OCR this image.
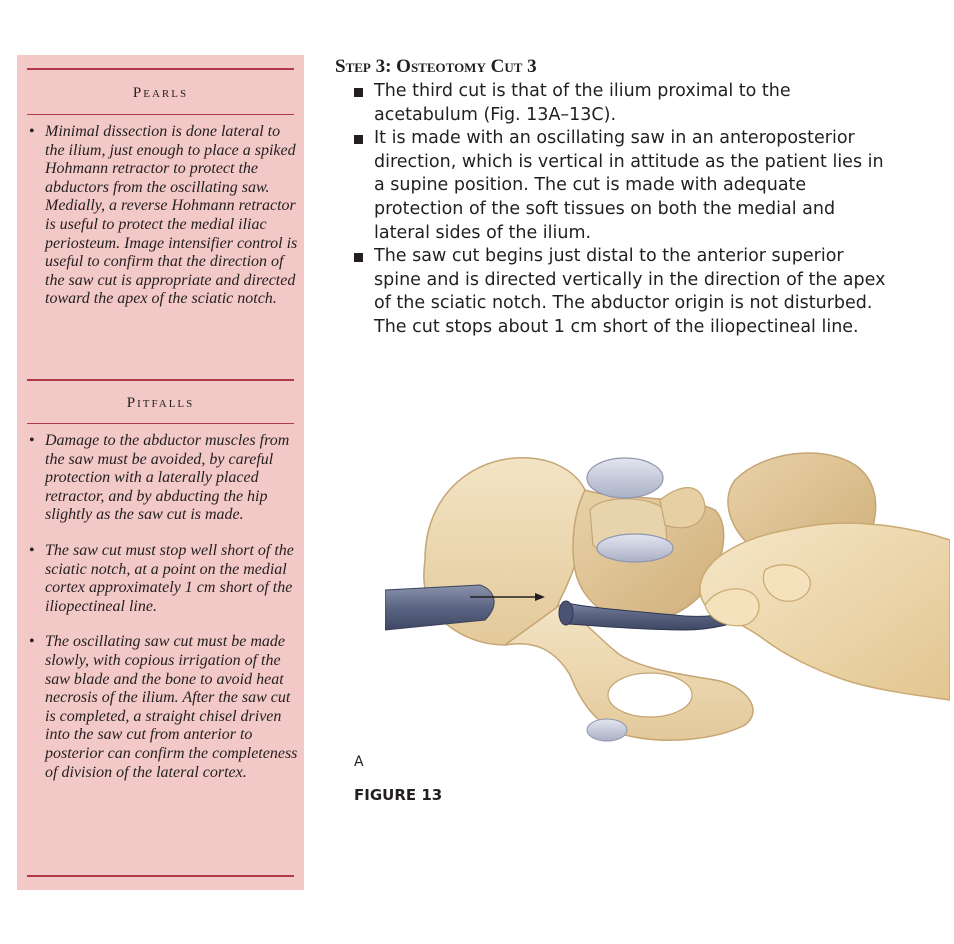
Pearls
• Minimal dissection is done lateral to the ilium, just enough to place a spiked Hohmann retractor to protect the abductors from the oscillating saw. Medially, a reverse Hohmann retractor is useful to protect the medial iliac periosteum. Image intensifier control is useful to confirm that the direction of the saw cut is appropriate and directed toward the apex of the sciatic notch.
Pitfalls
• Damage to the abductor muscles from the saw must be avoided, by careful protection with a laterally placed retractor, and by abducting the hip slightly as the saw cut is made.
• The saw cut must stop well short of the sciatic notch, at a point on the medial cortex approximately 1 cm short of the iliopectineal line.
• The oscillating saw cut must be made slowly, with copious irrigation of the saw blade and the bone to avoid heat necrosis of the ilium. After the saw cut is completed, a straight chisel driven into the saw cut from anterior to posterior can confirm the completeness of division of the lateral cortex.
Step 3: Osteotomy Cut 3
The third cut is that of the ilium proximal to the acetabulum (Fig. 13A–13C).
It is made with an oscillating saw in an anteroposterior direction, which is vertical in attitude as the patient lies in a supine position. The cut is made with adequate protection of the soft tissues on both the medial and lateral sides of the ilium.
The saw cut begins just distal to the anterior superior spine and is directed vertically in the direction of the apex of the sciatic notch. The abductor origin is not disturbed. The cut stops about 1 cm short of the iliopectineal line.

A

FIGURE 13
